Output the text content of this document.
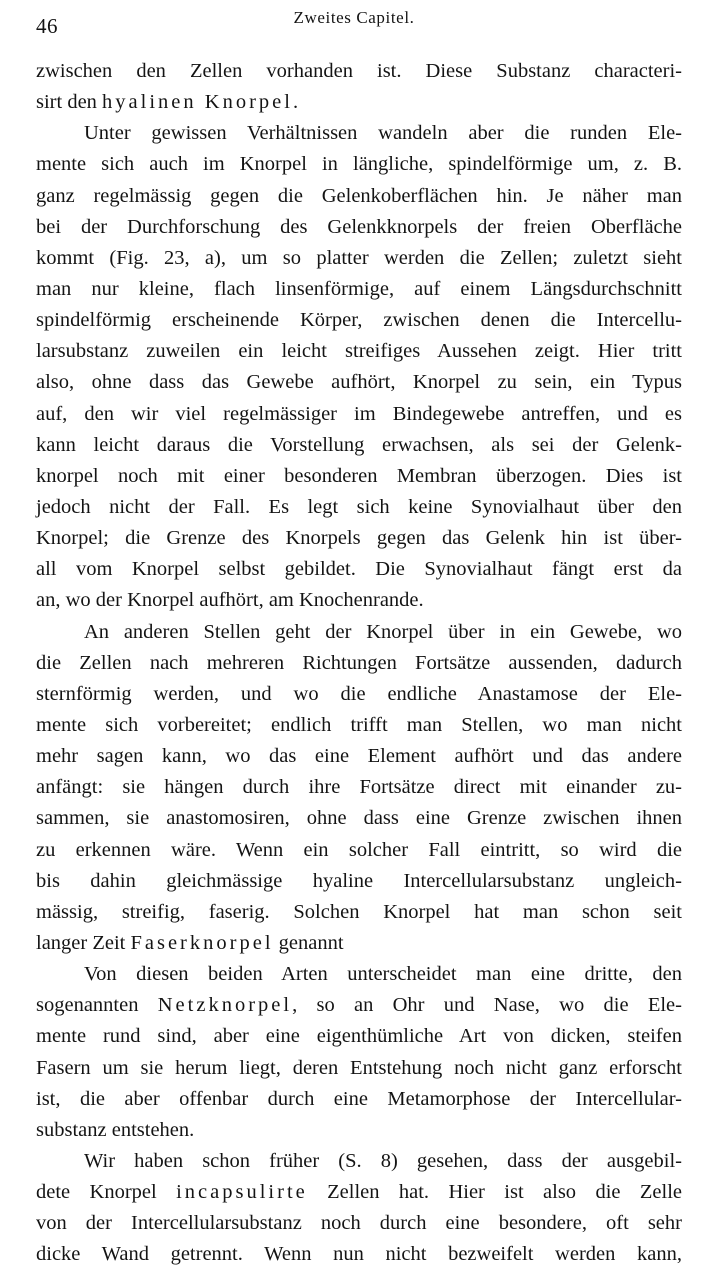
46	Zweites Capitel.
zwischen den Zellen vorhanden ist. Diese Substanz characteri-
sirt den hyalinen Knorpel.
Unter gewissen Verhältnissen wandeln aber die runden Ele-
mente sich auch im Knorpel in längliche, spindelförmige um, z. B.
ganz regelmässig gegen die Gelenkoberflächen hin. Je näher man
bei der Durchforschung des Gelenkknorpels der freien Oberfläche
kommt (Fig. 23, a), um so platter werden die Zellen; zuletzt sieht
man nur kleine, flach linsenförmige, auf einem Längsdurchschnitt
spindelförmig erscheinende Körper, zwischen denen die Intercellu-
larsubstanz zuweilen ein leicht streifiges Aussehen zeigt. Hier tritt
also, ohne dass das Gewebe aufhört, Knorpel zu sein, ein Typus
auf, den wir viel regelmässiger im Bindegewebe antreffen, und es
kann leicht daraus die Vorstellung erwachsen, als sei der Gelenk-
knorpel noch mit einer besonderen Membran überzogen. Dies ist
jedoch nicht der Fall. Es legt sich keine Synovialhaut über den
Knorpel; die Grenze des Knorpels gegen das Gelenk hin ist über-
all vom Knorpel selbst gebildet. Die Synovialhaut fängt erst da
an, wo der Knorpel aufhört, am Knochenrande.
An anderen Stellen geht der Knorpel über in ein Gewebe, wo
die Zellen nach mehreren Richtungen Fortsätze aussenden, dadurch
sternförmig werden, und wo die endliche Anastamose der Ele-
mente sich vorbereitet; endlich trifft man Stellen, wo man nicht
mehr sagen kann, wo das eine Element aufhört und das andere
anfängt: sie hängen durch ihre Fortsätze direct mit einander zu-
sammen, sie anastomosiren, ohne dass eine Grenze zwischen ihnen
zu erkennen wäre. Wenn ein solcher Fall eintritt, so wird die
bis dahin gleichmässige hyaline Intercellularsubstanz ungleich-
mässig, streifig, faserig. Solchen Knorpel hat man schon seit
langer Zeit Faserknorpel genannt
Von diesen beiden Arten unterscheidet man eine dritte, den
sogenannten Netzknorpel, so an Ohr und Nase, wo die Ele-
mente rund sind, aber eine eigenthümliche Art von dicken, steifen
Fasern um sie herum liegt, deren Entstehung noch nicht ganz erforscht
ist, die aber offenbar durch eine Metamorphose der Intercellular-
substanz entstehen.
Wir haben schon früher (S. 8) gesehen, dass der ausgebil-
dete Knorpel incapsulirte Zellen hat. Hier ist also die Zelle
von der Intercellularsubstanz noch durch eine besondere, oft sehr
dicke Wand getrennt. Wenn nun nicht bezweifelt werden kann,
